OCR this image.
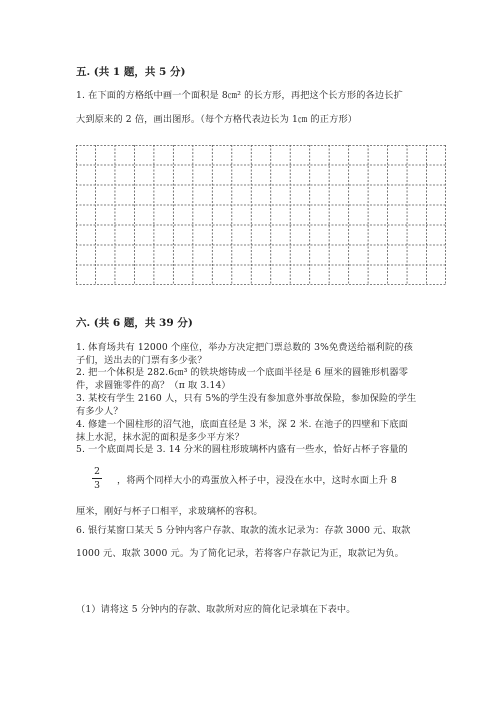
五. (共 1 题，共 5 分)
1. 在下面的方格纸中画一个面积是 8㎝² 的长方形，再把这个长方形的各边长扩
大到原来的 2 倍，画出图形。（每个方格代表边长为 1㎝ 的正方形）
六. (共 6 题，共 39 分)
1. 体育场共有 12000 个座位，举办方决定把门票总数的 3%免费送给福利院的孩
子们，送出去的门票有多少张？
2. 把一个体积是 282.6㎝³ 的铁块熔铸成一个底面半径是 6 厘米的圆锥形机器零
件，求圆锥零件的高？（π 取 3.14）
3. 某校有学生 2160 人，只有 5%的学生没有参加意外事故保险，参加保险的学生
有多少人？
4. 修建一个圆柱形的沼气池，底面直径是 3 米，深 2 米. 在池子的四壁和下底面
抹上水泥，抹水泥的面积是多少平方米？
5. 一个底面周长是 3. 14 分米的圆柱形玻璃杯内盛有一些水，恰好占杯子容量的
2
3 ，将两个同样大小的鸡蛋放入杯子中，浸没在水中，这时水面上升 8
厘米，刚好与杯子口相平，求玻璃杯的容积。
6. 银行某窗口某天 5 分钟内客户存款、取款的流水记录为：存款 3000 元、取款
1000 元、取款 3000 元。为了简化记录，若将客户存款记为正，取款记为负。
（1）请将这 5 分钟内的存款、取款所对应的简化记录填在下表中。
